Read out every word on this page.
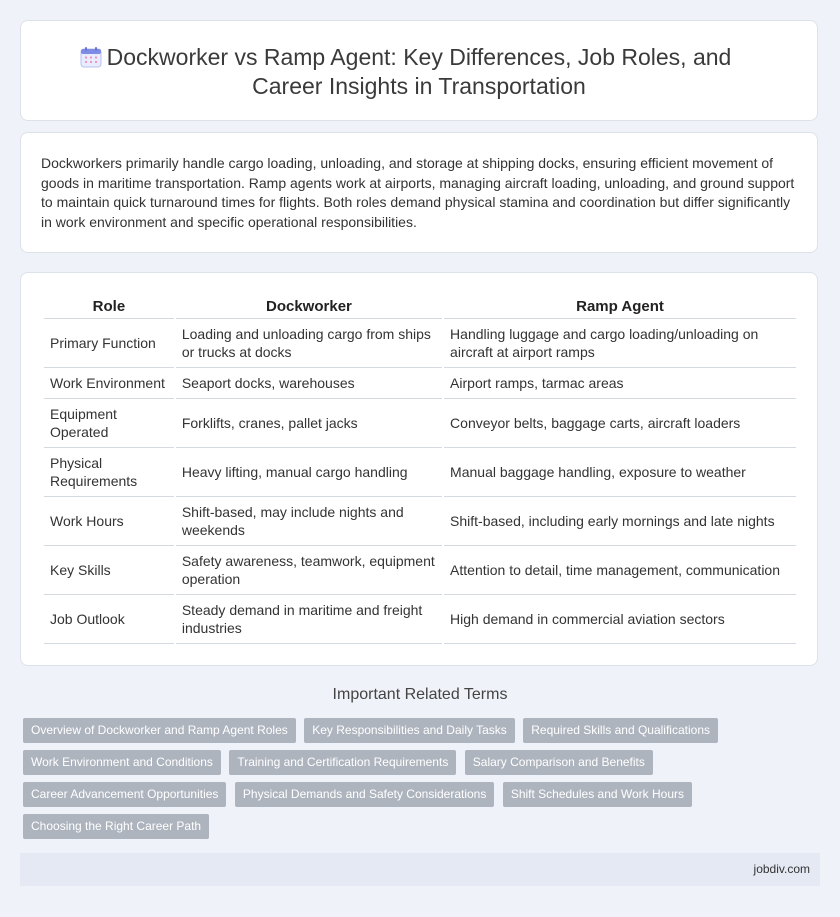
Dockworker vs Ramp Agent: Key Differences, Job Roles, and
Career Insights in Transportation

Dockworkers primarily handle cargo loading, unloading, and storage at shipping docks, ensuring efficient movement of goods in maritime transportation. Ramp agents work at airports, managing aircraft loading, unloading, and ground support to maintain quick turnaround times for flights. Both roles demand physical stamina and coordination but differ significantly in work environment and specific operational responsibilities.

Role	Dockworker	Ramp Agent
Primary Function	Loading and unloading cargo from ships or trucks at docks	Handling luggage and cargo loading/unloading on aircraft at airport ramps
Work Environment	Seaport docks, warehouses	Airport ramps, tarmac areas
Equipment Operated	Forklifts, cranes, pallet jacks	Conveyor belts, baggage carts, aircraft loaders
Physical Requirements	Heavy lifting, manual cargo handling	Manual baggage handling, exposure to weather
Work Hours	Shift-based, may include nights and weekends	Shift-based, including early mornings and late nights
Key Skills	Safety awareness, teamwork, equipment operation	Attention to detail, time management, communication
Job Outlook	Steady demand in maritime and freight industries	High demand in commercial aviation sectors
Important Related Terms
Overview of Dockworker and Ramp Agent Roles Key Responsibilities and Daily Tasks Required Skills and Qualifications Work Environment and Conditions Training and Certification Requirements Salary Comparison and Benefits Career Advancement Opportunities Physical Demands and Safety Considerations Shift Schedules and Work Hours Choosing the Right Career Path
jobdiv.com
